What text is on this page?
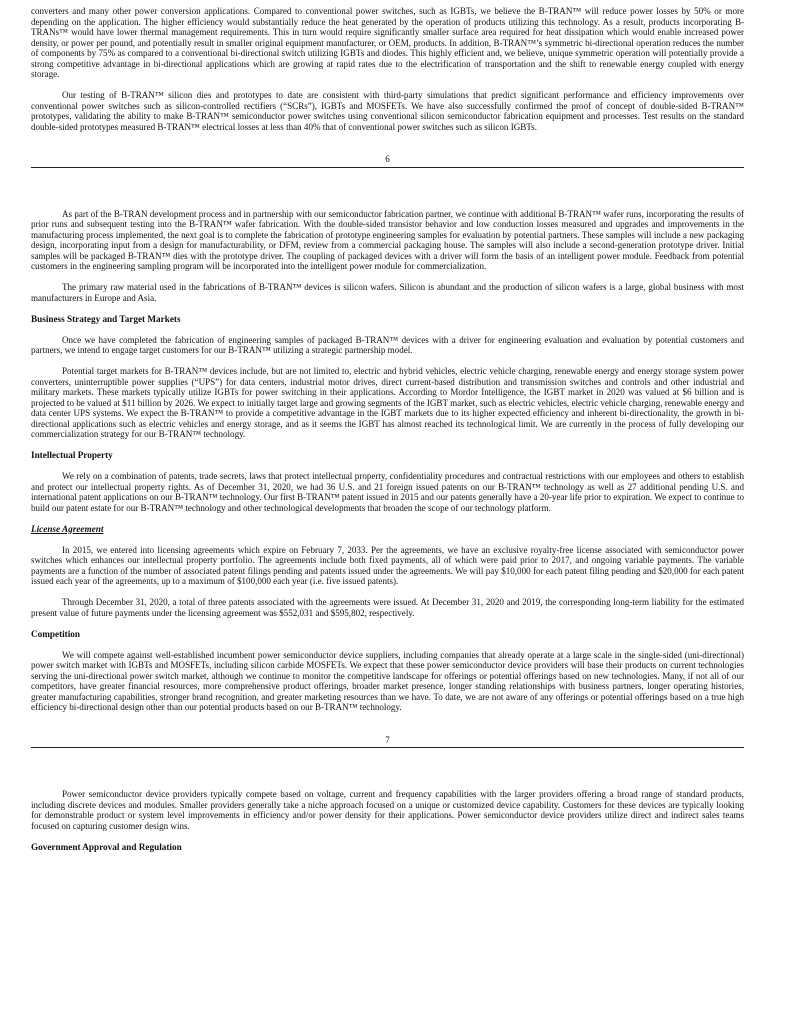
converters and many other power conversion applications. Compared to conventional power switches, such as IGBTs, we believe the B-TRAN™ will reduce power losses by 50% or more depending on the application. The higher efficiency would substantially reduce the heat generated by the operation of products utilizing this technology. As a result, products incorporating B-TRANs™ would have lower thermal management requirements. This in turn would require significantly smaller surface area required for heat dissipation which would enable increased power density, or power per pound, and potentially result in smaller original equipment manufacturer, or OEM, products. In addition, B-TRAN™’s symmetric bi-directional operation reduces the number of components by 75% as compared to a conventional bi-directional switch utilizing IGBTs and diodes. This highly efficient and, we believe, unique symmetric operation will potentially provide a strong competitive advantage in bi-directional applications which are growing at rapid rates due to the electrification of transportation and the shift to renewable energy coupled with energy storage.

Our testing of B-TRAN™ silicon dies and prototypes to date are consistent with third-party simulations that predict significant performance and efficiency improvements over conventional power switches such as silicon-controlled rectifiers (“SCRs”), IGBTs and MOSFETs. We have also successfully confirmed the proof of concept of double-sided B-TRAN™ prototypes, validating the ability to make B-TRAN™ semiconductor power switches using conventional silicon semiconductor fabrication equipment and processes. Test results on the standard double-sided prototypes measured B-TRAN™ electrical losses at less than 40% that of conventional power switches such as silicon IGBTs.

6

As part of the B-TRAN development process and in partnership with our semiconductor fabrication partner, we continue with additional B-TRAN™ wafer runs, incorporating the results of prior runs and subsequent testing into the B-TRAN™ wafer fabrication. With the double-sided transistor behavior and low conduction losses measured and upgrades and improvements in the manufacturing process implemented, the next goal is to complete the fabrication of prototype engineering samples for evaluation by potential partners. These samples will include a new packaging design, incorporating input from a design for manufacturability, or DFM, review from a commercial packaging house. The samples will also include a second-generation prototype driver. Initial samples will be packaged B-TRAN™ dies with the prototype driver. The coupling of packaged devices with a driver will form the basis of an intelligent power module. Feedback from potential customers in the engineering sampling program will be incorporated into the intelligent power module for commercialization.

The primary raw material used in the fabrications of B-TRAN™ devices is silicon wafers. Silicon is abundant and the production of silicon wafers is a large, global business with most manufacturers in Europe and Asia.

Business Strategy and Target Markets

Once we have completed the fabrication of engineering samples of packaged B-TRAN™ devices with a driver for engineering evaluation and evaluation by potential customers and partners, we intend to engage target customers for our B-TRAN™ utilizing a strategic partnership model.

Potential target markets for B-TRAN™ devices include, but are not limited to, electric and hybrid vehicles, electric vehicle charging, renewable energy and energy storage system power converters, uninterruptible power supplies (“UPS”) for data centers, industrial motor drives, direct current-based distribution and transmission switches and controls and other industrial and military markets. These markets typically utilize IGBTs for power switching in their applications. According to Mordor Intelligence, the IGBT market in 2020 was valued at $6 billion and is projected to be valued at $11 billion by 2026. We expect to initially target large and growing segments of the IGBT market, such as electric vehicles, electric vehicle charging, renewable energy and data center UPS systems. We expect the B-TRAN™ to provide a competitive advantage in the IGBT markets due to its higher expected efficiency and inherent bi-directionality, the growth in bi-directional applications such as electric vehicles and energy storage, and as it seems the IGBT has almost reached its technological limit. We are currently in the process of fully developing our commercialization strategy for our B-TRAN™ technology.

Intellectual Property

We rely on a combination of patents, trade secrets, laws that protect intellectual property, confidentiality procedures and contractual restrictions with our employees and others to establish and protect our intellectual property rights. As of December 31, 2020, we had 36 U.S. and 21 foreign issued patents on our B-TRAN™ technology as well as 27 additional pending U.S. and international patent applications on our B-TRAN™ technology. Our first B-TRAN™ patent issued in 2015 and our patents generally have a 20-year life prior to expiration. We expect to continue to build our patent estate for our B-TRAN™ technology and other technological developments that broaden the scope of our technology platform.

License Agreement

In 2015, we entered into licensing agreements which expire on February 7, 2033. Per the agreements, we have an exclusive royalty-free license associated with semiconductor power switches which enhances our intellectual property portfolio. The agreements include both fixed payments, all of which were paid prior to 2017, and ongoing variable payments. The variable payments are a function of the number of associated patent filings pending and patents issued under the agreements. We will pay $10,000 for each patent filing pending and $20,000 for each patent issued each year of the agreements, up to a maximum of $100,000 each year (i.e. five issued patents).

Through December 31, 2020, a total of three patents associated with the agreements were issued. At December 31, 2020 and 2019, the corresponding long-term liability for the estimated present value of future payments under the licensing agreement was $552,031 and $595,802, respectively.

Competition

We will compete against well-established incumbent power semiconductor device suppliers, including companies that already operate at a large scale in the single-sided (uni-directional) power switch market with IGBTs and MOSFETs, including silicon carbide MOSFETs. We expect that these power semiconductor device providers will base their products on current technologies serving the uni-directional power switch market, although we continue to monitor the competitive landscape for offerings or potential offerings based on new technologies. Many, if not all of our competitors, have greater financial resources, more comprehensive product offerings, broader market presence, longer standing relationships with business partners, longer operating histories, greater manufacturing capabilities, stronger brand recognition, and greater marketing resources than we have. To date, we are not aware of any offerings or potential offerings based on a true high efficiency bi-directional design other than our potential products based on our B-TRAN™ technology.

7

Power semiconductor device providers typically compete based on voltage, current and frequency capabilities with the larger providers offering a broad range of standard products, including discrete devices and modules. Smaller providers generally take a niche approach focused on a unique or customized device capability. Customers for these devices are typically looking for demonstrable product or system level improvements in efficiency and/or power density for their applications. Power semiconductor device providers utilize direct and indirect sales teams focused on capturing customer design wins.

Government Approval and Regulation
